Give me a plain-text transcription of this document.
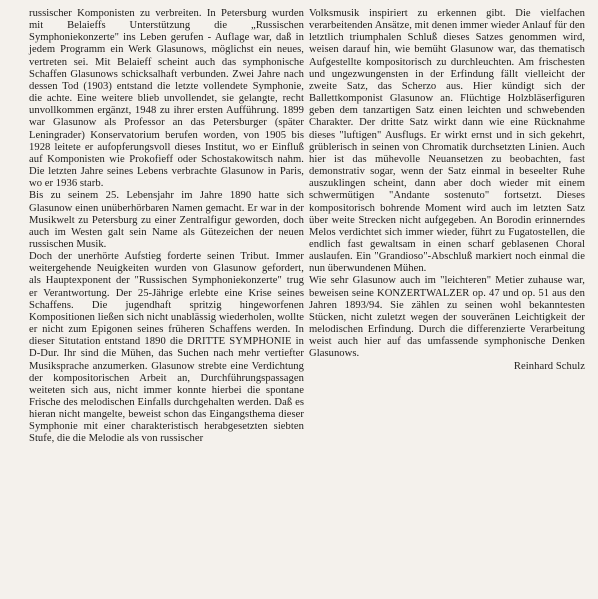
russischer Komponisten zu verbreiten. In Petersburg wurden mit Belaieffs Unterstützung die „Russischen Symphoniekonzerte" ins Leben gerufen - Auflage war, daß in jedem Programm ein Werk Glasunows, möglichst ein neues, vertreten sei. Mit Belaieff scheint auch das symphonische Schaffen Glasunows schicksalhaft verbunden. Zwei Jahre nach dessen Tod (1903) entstand die letzte vollendete Symphonie, die achte. Eine weitere blieb unvollendet, sie gelangte, recht unvollkommen ergänzt, 1948 zu ihrer ersten Aufführung. 1899 war Glasunow als Professor an das Petersburger (später Leningrader) Konservatorium berufen worden, von 1905 bis 1928 leitete er aufopferungsvoll dieses Institut, wo er Einfluß auf Komponisten wie Prokofieff oder Schostakowitsch nahm. Die letzten Jahre seines Lebens verbrachte Glasunow in Paris, wo er 1936 starb.

Bis zu seinem 25. Lebensjahr im Jahre 1890 hatte sich Glasunow einen unüberhörbaren Namen gemacht. Er war in der Musikwelt zu Petersburg zu einer Zentralfigur geworden, doch auch im Westen galt sein Name als Gütezeichen der neuen russischen Musik.

Doch der unerhörte Aufstieg forderte seinen Tribut. Immer weitergehende Neuigkeiten wurden von Glasunow gefordert, als Hauptexponent der "Russischen Symphoniekonzerte" trug er Verantwortung. Der 25-Jährige erlebte eine Krise seines Schaffens. Die jugendhaft spritzig hingeworfenen Kompositionen ließen sich nicht unablässig wiederholen, wollte er nicht zum Epigonen seines früheren Schaffens werden. In dieser Situtation entstand 1890 die DRITTE SYMPHONIE in D-Dur. Ihr sind die Mühen, das Suchen nach mehr vertiefter Musiksprache anzumerken. Glasunow strebte eine Verdichtung der kompositorischen Arbeit an, Durchführungspassagen weiteten sich aus, nicht immer konnte hierbei die spontane Frische des melodischen Einfalls durchgehalten werden. Daß es hieran nicht mangelte, beweist schon das Eingangsthema dieser Symphonie mit einer charakteristisch herabgesetzten siebten Stufe, die die Melodie als von russischer

Volksmusik inspiriert zu erkennen gibt. Die vielfachen verarbeitenden Ansätze, mit denen immer wieder Anlauf für den letztlich triumphalen Schluß dieses Satzes genommen wird, weisen darauf hin, wie bemüht Glasunow war, das thematisch Aufgestellte kompositorisch zu durchleuchten. Am frischesten und ungezwungensten in der Erfindung fällt vielleicht der zweite Satz, das Scherzo aus. Hier kündigt sich der Ballettkomponist Glasunow an. Flüchtige Holzbläserfiguren geben dem tanzartigen Satz einen leichten und schwebenden Charakter. Der dritte Satz wirkt dann wie eine Rücknahme dieses "luftigen" Ausflugs. Er wirkt ernst und in sich gekehrt, grüblerisch in seinen von Chromatik durchsetzten Linien. Auch hier ist das mühevolle Neuansetzen zu beobachten, fast demonstrativ sogar, wenn der Satz einmal in beseelter Ruhe auszuklingen scheint, dann aber doch wieder mit einem schwermütigen "Andante sostenuto" fortsetzt. Dieses kompositorisch bohrende Moment wird auch im letzten Satz über weite Strecken nicht aufgegeben. An Borodin erinnerndes Melos verdichtet sich immer wieder, führt zu Fugatostellen, die endlich fast gewaltsam in einen scharf geblasenen Choral auslaufen. Ein "Grandioso"-Abschluß markiert noch einmal die nun überwundenen Mühen.

Wie sehr Glasunow auch im "leichteren" Metier zuhause war, beweisen seine KONZERTWALZER op. 47 und op. 51 aus den Jahren 1893/94. Sie zählen zu seinen wohl bekanntesten Stücken, nicht zuletzt wegen der souveränen Leichtigkeit der melodischen Erfindung. Durch die differenzierte Verarbeitung weist auch hier auf das umfassende symphonische Denken Glasunows.

Reinhard Schulz
